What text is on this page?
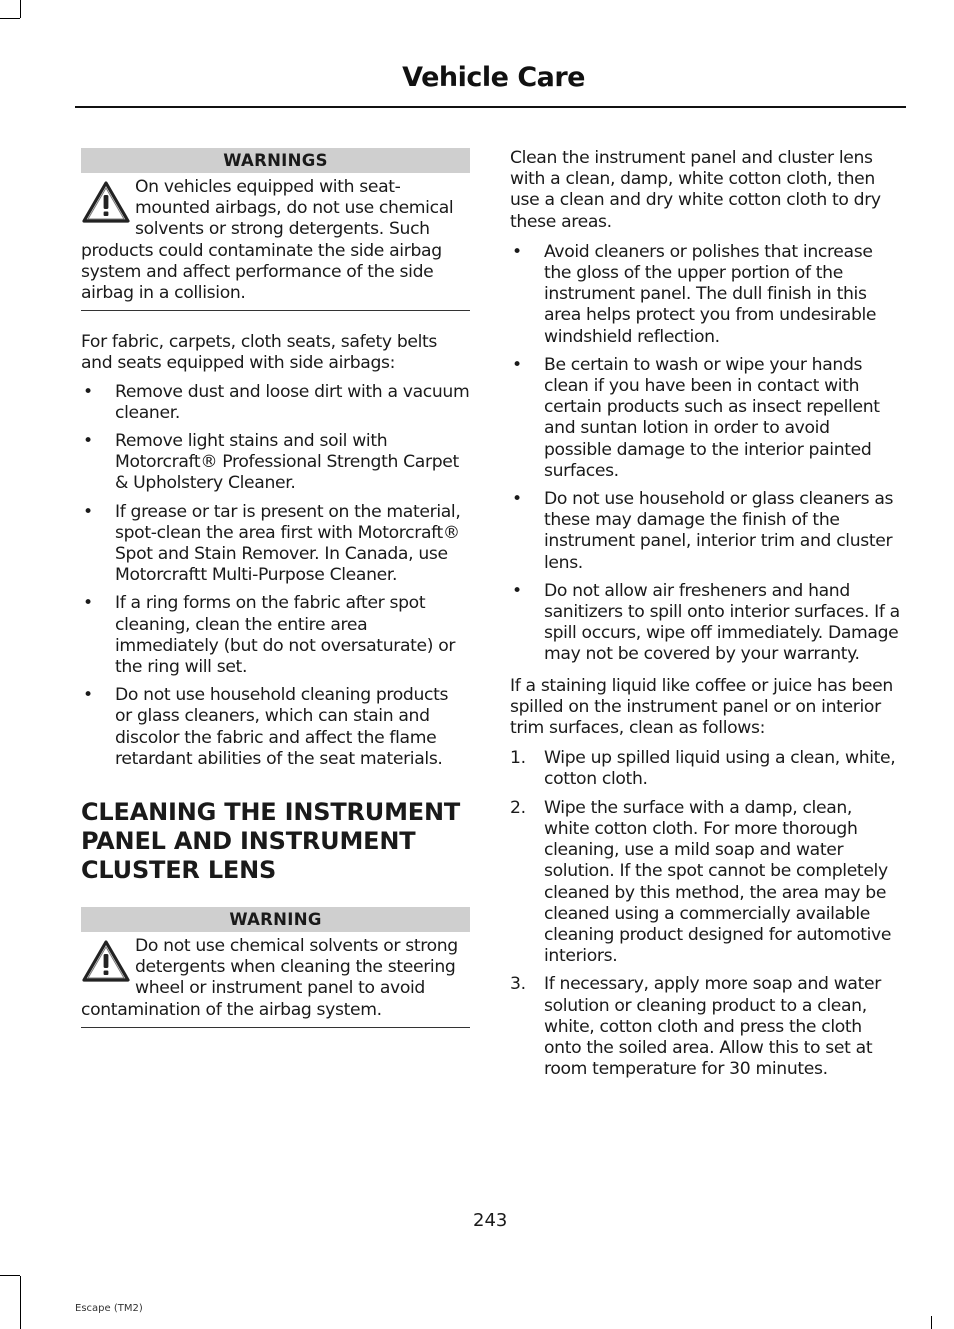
Vehicle Care
WARNINGS
On vehicles equipped with seat-mounted airbags, do not use chemical solvents or strong detergents. Such products could contaminate the side airbag system and affect performance of the side airbag in a collision.

For fabric, carpets, cloth seats, safety belts and seats equipped with side airbags:

• Remove dust and loose dirt with a vacuum cleaner.
• Remove light stains and soil with Motorcraft® Professional Strength Carpet & Upholstery Cleaner.
• If grease or tar is present on the material, spot-clean the area first with Motorcraft® Spot and Stain Remover. In Canada, use Motorcraftt Multi-Purpose Cleaner.
• If a ring forms on the fabric after spot cleaning, clean the entire area immediately (but do not oversaturate) or the ring will set.
• Do not use household cleaning products or glass cleaners, which can stain and discolor the fabric and affect the flame retardant abilities of the seat materials.
CLEANING THE INSTRUMENT PANEL AND INSTRUMENT CLUSTER LENS
WARNING
Do not use chemical solvents or strong detergents when cleaning the steering wheel or instrument panel to avoid contamination of the airbag system.

Clean the instrument panel and cluster lens with a clean, damp, white cotton cloth, then use a clean and dry white cotton cloth to dry these areas.

• Avoid cleaners or polishes that increase the gloss of the upper portion of the instrument panel. The dull finish in this area helps protect you from undesirable windshield reflection.
• Be certain to wash or wipe your hands clean if you have been in contact with certain products such as insect repellent and suntan lotion in order to avoid possible damage to the interior painted surfaces.
• Do not use household or glass cleaners as these may damage the finish of the instrument panel, interior trim and cluster lens.
• Do not allow air fresheners and hand sanitizers to spill onto interior surfaces. If a spill occurs, wipe off immediately. Damage may not be covered by your warranty.

If a staining liquid like coffee or juice has been spilled on the instrument panel or on interior trim surfaces, clean as follows:

1. Wipe up spilled liquid using a clean, white, cotton cloth.
2. Wipe the surface with a damp, clean, white cotton cloth. For more thorough cleaning, use a mild soap and water solution. If the spot cannot be completely cleaned by this method, the area may be cleaned using a commercially available cleaning product designed for automotive interiors.
3. If necessary, apply more soap and water solution or cleaning product to a clean, white, cotton cloth and press the cloth onto the soiled area. Allow this to set at room temperature for 30 minutes.
243
Escape (TM2)
